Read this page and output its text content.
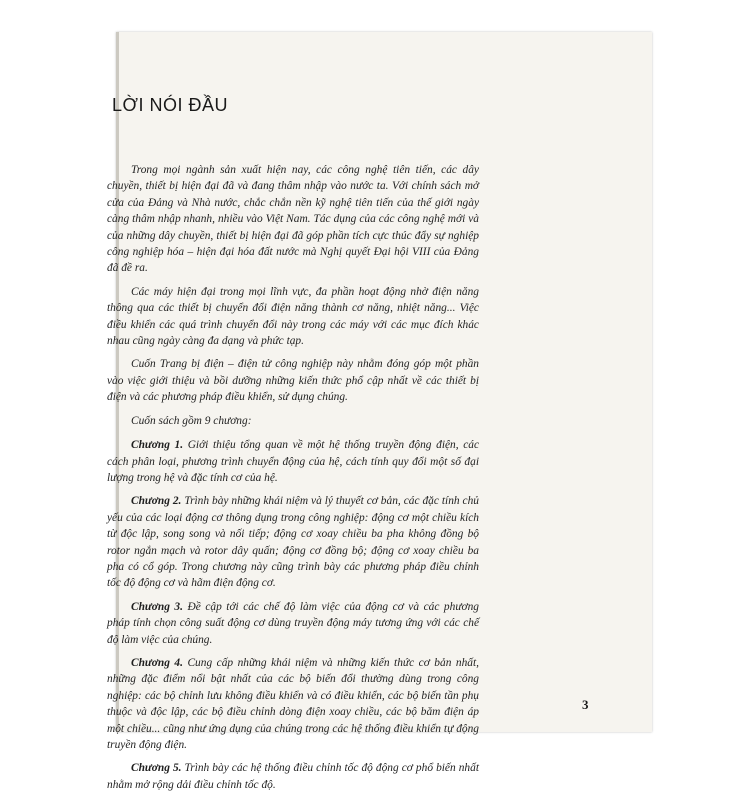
LỜI NÓI ĐẦU

Trong mọi ngành sản xuất hiện nay, các công nghệ tiên tiến, các dây chuyền, thiết bị hiện đại đã và đang thâm nhập vào nước ta. Với chính sách mở cửa của Đảng và Nhà nước, chắc chắn nền kỹ nghệ tiên tiến của thế giới ngày càng thâm nhập nhanh, nhiều vào Việt Nam. Tác dụng của các công nghệ mới và của những dây chuyền, thiết bị hiện đại đã góp phần tích cực thúc đẩy sự nghiệp công nghiệp hóa – hiện đại hóa đất nước mà Nghị quyết Đại hội VIII của Đảng đã đề ra.

Các máy hiện đại trong mọi lĩnh vực, đa phần hoạt động nhờ điện năng thông qua các thiết bị chuyển đổi điện năng thành cơ năng, nhiệt năng... Việc điều khiển các quá trình chuyển đổi này trong các máy với các mục đích khác nhau cũng ngày càng đa dạng và phức tạp.

Cuốn Trang bị điện – điện tử công nghiệp này nhằm đóng góp một phần vào việc giới thiệu và bồi dưỡng những kiến thức phổ cập nhất về các thiết bị điện và các phương pháp điều khiển, sử dụng chúng.

Cuốn sách gồm 9 chương:

Chương 1. Giới thiệu tổng quan về một hệ thống truyền động điện, các cách phân loại, phương trình chuyển động của hệ, cách tính quy đổi một số đại lượng trong hệ và đặc tính cơ của hệ.

Chương 2. Trình bày những khái niệm và lý thuyết cơ bản, các đặc tính chủ yếu của các loại động cơ thông dụng trong công nghiệp: động cơ một chiều kích từ độc lập, song song và nối tiếp; động cơ xoay chiều ba pha không đồng bộ rotor ngắn mạch và rotor dây quấn; động cơ đồng bộ; động cơ xoay chiều ba pha có cổ góp. Trong chương này cũng trình bày các phương pháp điều chỉnh tốc độ động cơ và hãm điện động cơ.

Chương 3. Đề cập tới các chế độ làm việc của động cơ và các phương pháp tính chọn công suất động cơ dùng truyền động máy tương ứng với các chế độ làm việc của chúng.

Chương 4. Cung cấp những khái niệm và những kiến thức cơ bản nhất, những đặc điểm nổi bật nhất của các bộ biến đổi thường dùng trong công nghiệp: các bộ chỉnh lưu không điều khiển và có điều khiển, các bộ biến tần phụ thuộc và độc lập, các bộ điều chỉnh dòng điện xoay chiều, các bộ băm điện áp một chiều... cũng như ứng dụng của chúng trong các hệ thống điều khiển tự động truyền động điện.

Chương 5. Trình bày các hệ thống điều chỉnh tốc độ động cơ phổ biến nhất nhằm mở rộng dải điều chỉnh tốc độ.

3
